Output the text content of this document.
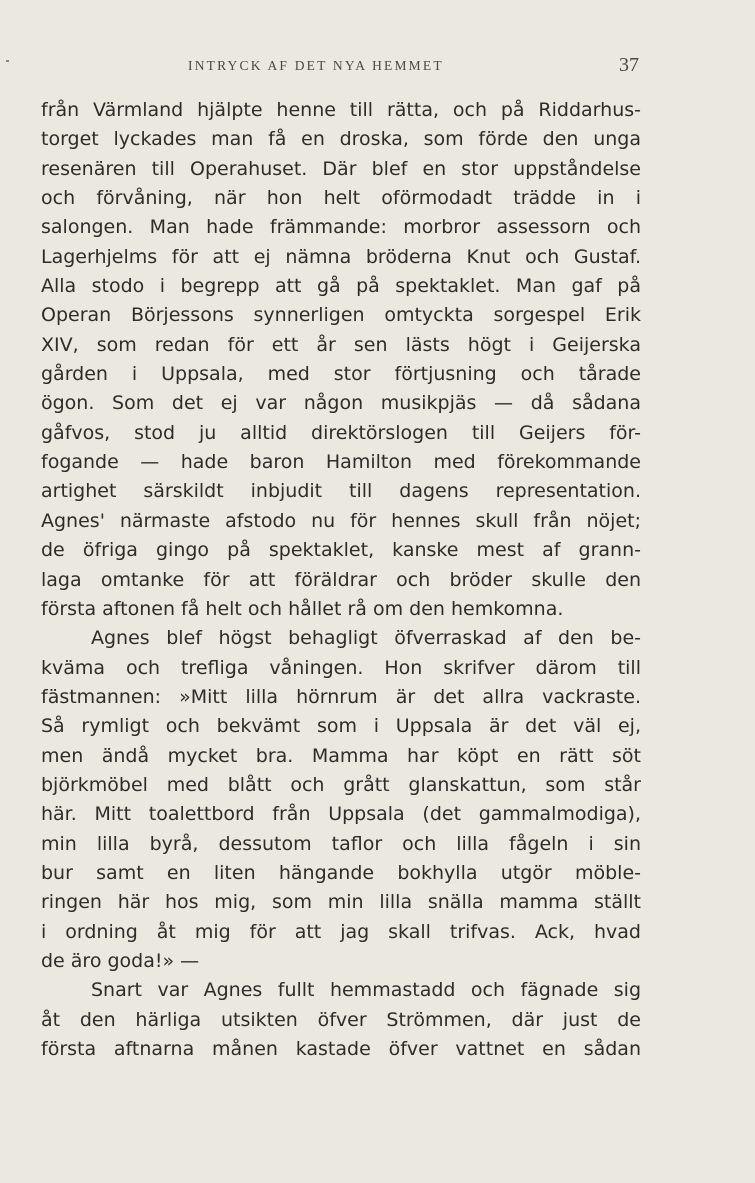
INTRYCK AF DET NYA HEMMET	37
från Värmland hjälpte henne till rätta, och på Riddarhus-
torget lyckades man få en droska, som förde den unga
resenären till Operahuset. Där blef en stor uppståndelse
och förvåning, när hon helt oförmodadt trädde in i
salongen. Man hade främmande: morbror assessorn och
Lagerhjelms för att ej nämna bröderna Knut och Gustaf.
Alla stodo i begrepp att gå på spektaklet. Man gaf på
Operan Börjessons synnerligen omtyckta sorgespel Erik
XIV, som redan för ett år sen lästs högt i Geijerska
gården i Uppsala, med stor förtjusning och tårade
ögon. Som det ej var någon musikpjäs — då sådana
gåfvos, stod ju alltid direktörslogen till Geijers för-
fogande — hade baron Hamilton med förekommande
artighet särskildt inbjudit till dagens representation.
Agnes' närmaste afstodo nu för hennes skull från nöjet;
de öfriga gingo på spektaklet, kanske mest af grann-
laga omtanke för att föräldrar och bröder skulle den
första aftonen få helt och hållet rå om den hemkomna.
Agnes blef högst behagligt öfverraskad af den be-
kväma och trefliga våningen. Hon skrifver därom till
fästmannen: »Mitt lilla hörnrum är det allra vackraste.
Så rymligt och bekvämt som i Uppsala är det väl ej,
men ändå mycket bra. Mamma har köpt en rätt söt
björkmöbel med blått och grått glanskattun, som står
här. Mitt toalettbord från Uppsala (det gammalmodiga),
min lilla byrå, dessutom taflor och lilla fågeln i sin
bur samt en liten hängande bokhylla utgör möble-
ringen här hos mig, som min lilla snälla mamma ställt
i ordning åt mig för att jag skall trifvas. Ack, hvad
de äro goda!» —
Snart var Agnes fullt hemmastadd och fägnade sig
åt den härliga utsikten öfver Strömmen, där just de
första aftnarna månen kastade öfver vattnet en sådan
